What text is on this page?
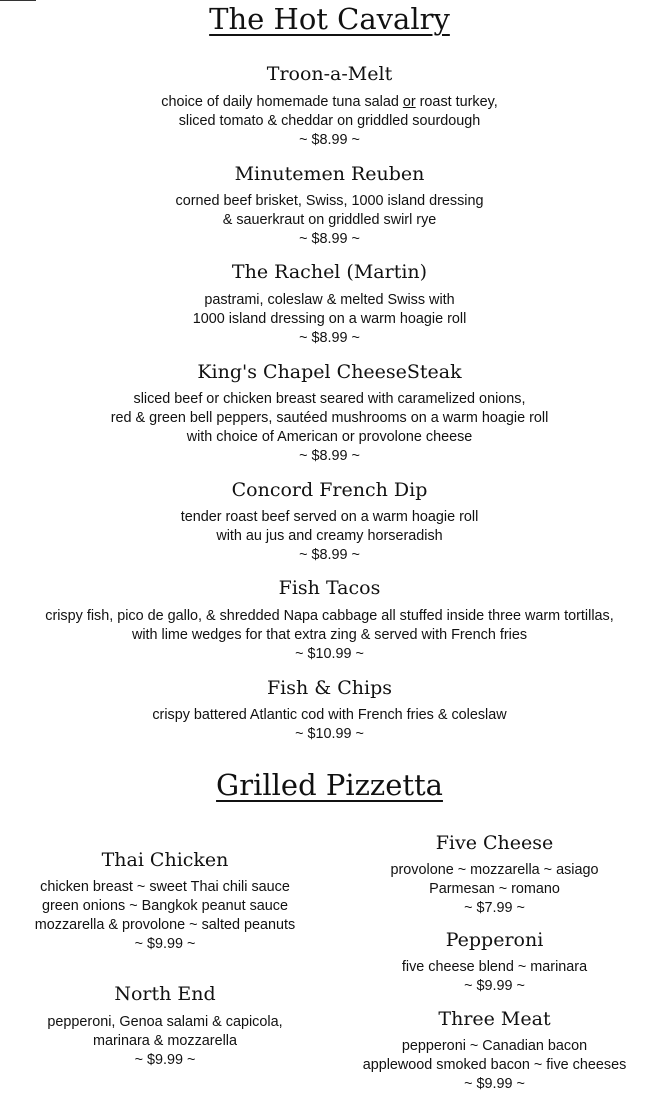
The Hot Cavalry
Troon-a-Melt
choice of daily homemade tuna salad or roast turkey,
sliced tomato & cheddar on griddled sourdough
~ $8.99 ~
Minutemen Reuben
corned beef brisket, Swiss, 1000 island dressing
& sauerkraut on griddled swirl rye
~ $8.99 ~
The Rachel (Martin)
pastrami, coleslaw & melted Swiss with
1000 island dressing on a warm hoagie roll
~ $8.99 ~
King's Chapel CheeseSteak
sliced beef or chicken breast seared with caramelized onions,
red & green bell peppers, sautéed mushrooms on a warm hoagie roll
with choice of American or provolone cheese
~ $8.99 ~
Concord French Dip
tender roast beef served on a warm hoagie roll
with au jus and creamy horseradish
~ $8.99 ~
Fish Tacos
crispy fish, pico de gallo, & shredded Napa cabbage all stuffed inside three warm tortillas,
with lime wedges for that extra zing & served with French fries
~ $10.99 ~
Fish & Chips
crispy battered Atlantic cod with French fries & coleslaw
~ $10.99 ~
Grilled Pizzetta
Thai Chicken
chicken breast ~ sweet Thai chili sauce
green onions ~ Bangkok peanut sauce
mozzarella & provolone ~ salted peanuts
~ $9.99 ~
North End
pepperoni, Genoa salami & capicola,
marinara & mozzarella
~ $9.99 ~
Five Cheese
provolone ~ mozzarella ~ asiago
Parmesan ~ romano
~ $7.99 ~
Pepperoni
five cheese blend ~ marinara
~ $9.99 ~
Three Meat
pepperoni ~ Canadian bacon
applewood smoked bacon ~ five cheeses
~ $9.99 ~
